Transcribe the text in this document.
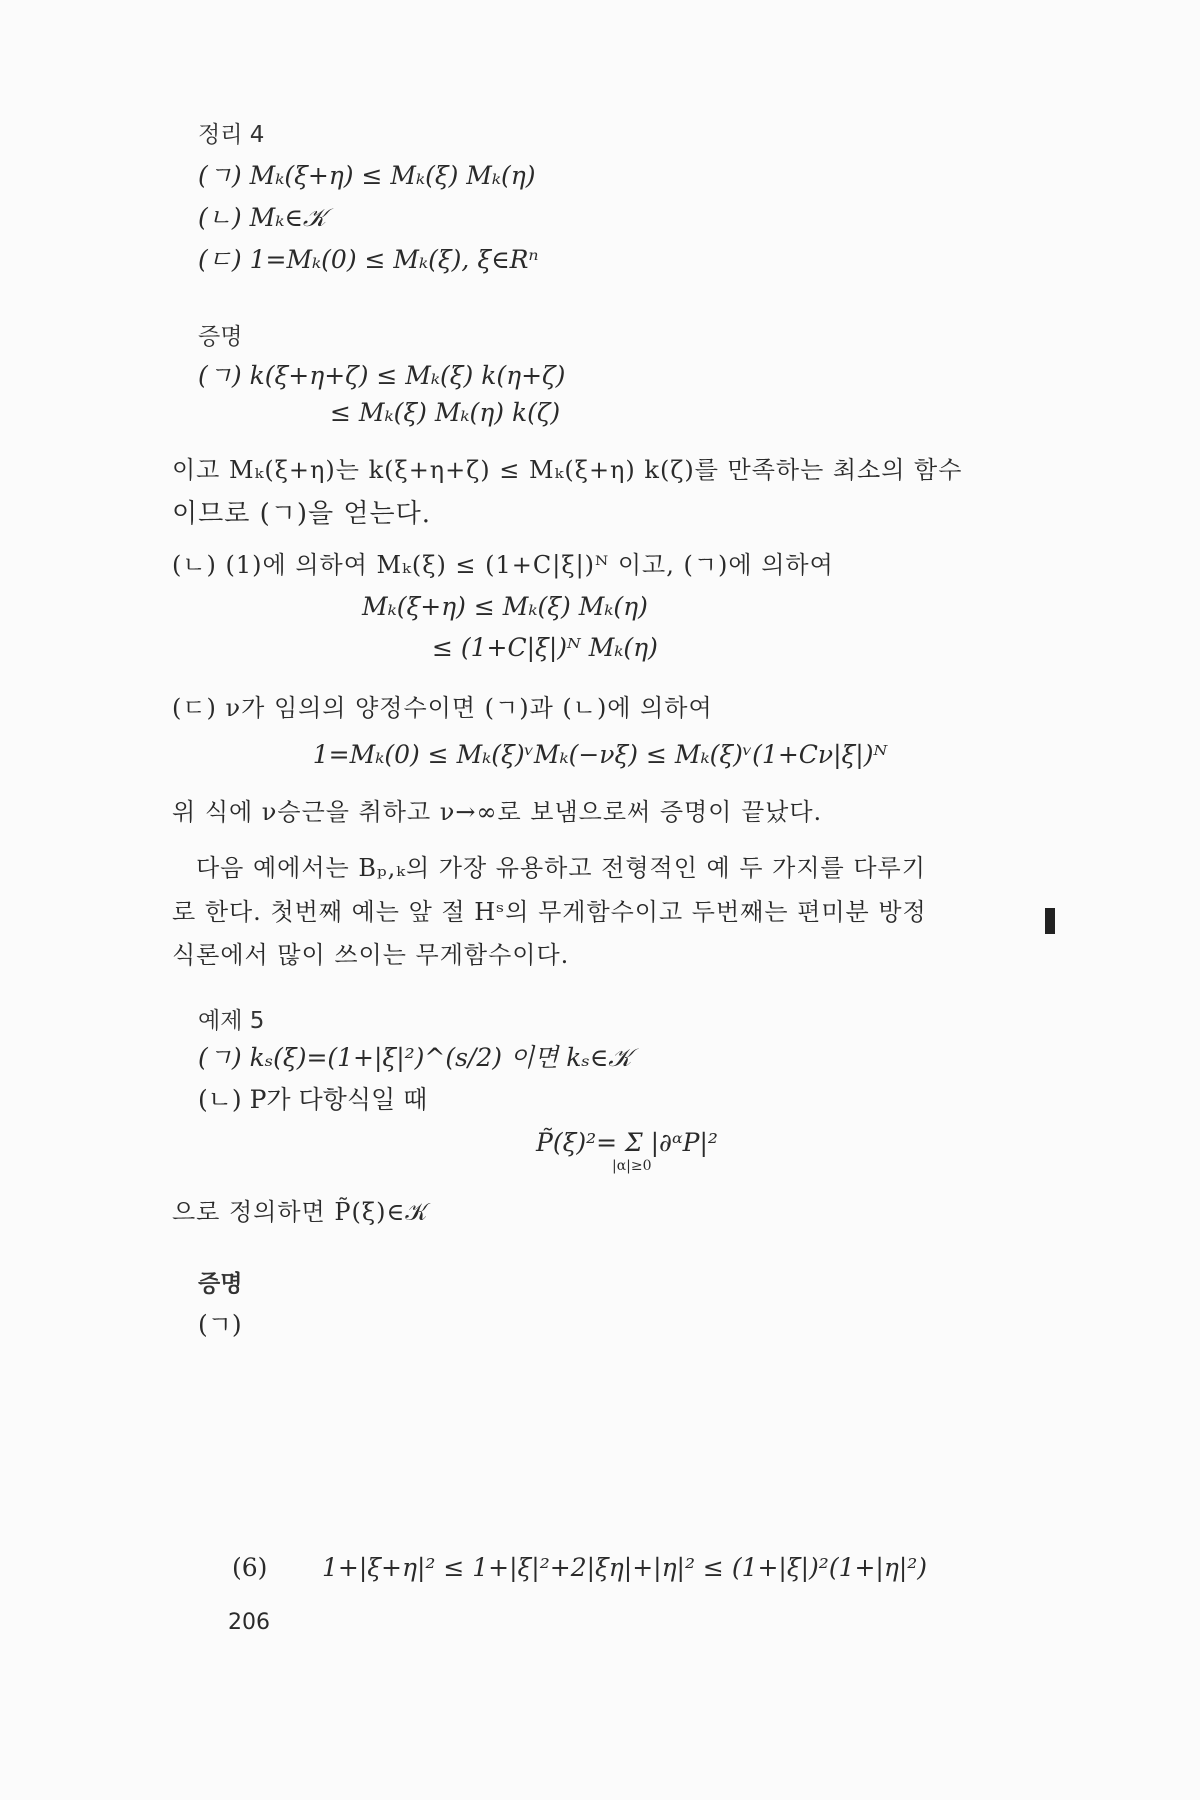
정리 4
(ㄱ) Mₖ(ξ+η) ≤ Mₖ(ξ) Mₖ(η)
(ㄴ) Mₖ∈𝒦
(ㄷ) 1=Mₖ(0) ≤ Mₖ(ξ), ξ∈Rⁿ
증명
(ㄱ) k(ξ+η+ζ) ≤ Mₖ(ξ) k(η+ζ)
≤ Mₖ(ξ) Mₖ(η) k(ζ)
이고 Mₖ(ξ+η)는 k(ξ+η+ζ) ≤ Mₖ(ξ+η) k(ζ)를 만족하는 최소의 함수
이므로 (ㄱ)을 얻는다.
(ㄴ) (1)에 의하여 Mₖ(ξ) ≤ (1+C|ξ|)ᴺ 이고, (ㄱ)에 의하여
Mₖ(ξ+η) ≤ Mₖ(ξ) Mₖ(η)
≤ (1+C|ξ|)ᴺ Mₖ(η)
(ㄷ) ν가 임의의 양정수이면 (ㄱ)과 (ㄴ)에 의하여
1=Mₖ(0) ≤ Mₖ(ξ)ᵛMₖ(−νξ) ≤ Mₖ(ξ)ᵛ(1+Cν|ξ|)ᴺ
위 식에 ν승근을 취하고 ν→∞로 보냄으로써 증명이 끝났다.
다음 예에서는 Bₚ,ₖ의 가장 유용하고 전형적인 예 두 가지를 다루기
로 한다. 첫번째 예는 앞 절 Hˢ의 무게함수이고 두번째는 편미분 방정
식론에서 많이 쓰이는 무게함수이다.
예제 5
(ㄱ) kₛ(ξ)=(1+|ξ|²)^(s/2) 이면 kₛ∈𝒦
(ㄴ) P가 다항식일 때
P̃(ξ)²= Σ |∂ᵅP|²
|α|≥0
으로 정의하면 P̃(ξ)∈𝒦
증명
(ㄱ)
(6) 1+|ξ+η|² ≤ 1+|ξ|²+2|ξη|+|η|² ≤ (1+|ξ|)²(1+|η|²)
206
